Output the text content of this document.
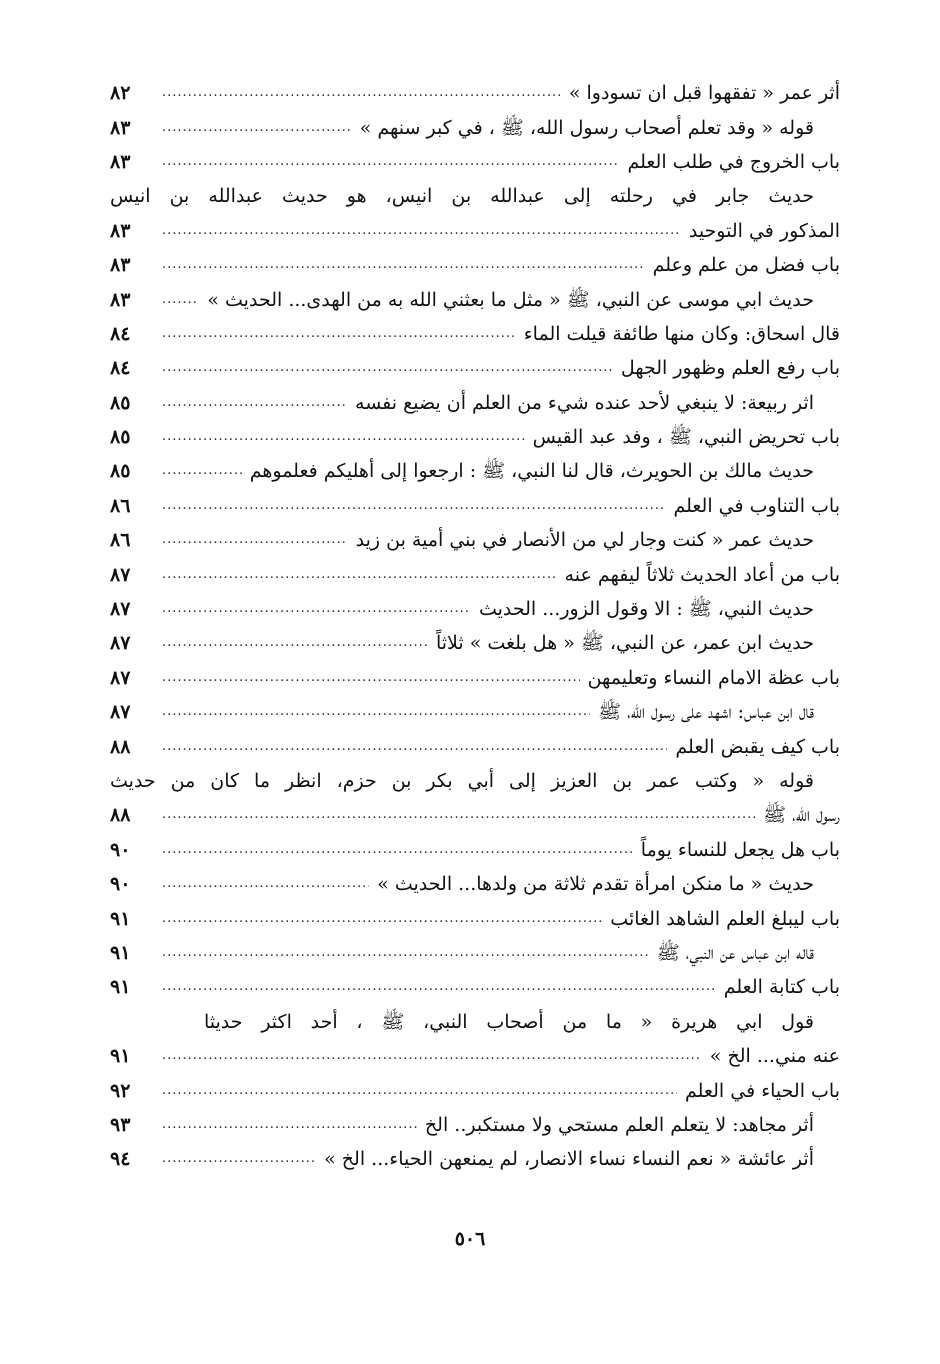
أثر عمر « تفقهوا قبل ان تسودوا »
.....
٨٢
قوله « وقد تعلم أصحاب رسول الله، ﷺ ، في كبر سنهم »
.....
٨٣
باب الخروج في طلب العلم
.....
٨٣
حديث جابر في رحلته إلى عبدالله بن انيس، هو حديث عبدالله بن انيس
المذكور في التوحيد
.....
٨٣
باب فضل من علم وعلم
.....
٨٣
حديث ابي موسى عن النبي، ﷺ « مثل ما بعثني الله به من الهدى... الحديث »
.....
٨٣
قال اسحاق: وكان منها طائفة قيلت الماء
.....
٨٤
باب رفع العلم وظهور الجهل
.....
٨٤
اثر ربيعة: لا ينبغي لأحد عنده شيء من العلم أن يضيع نفسه
.....
٨٥
باب تحريض النبي، ﷺ ، وفد عبد القيس
.....
٨٥
حديث مالك بن الحويرث، قال لنا النبي، ﷺ : ارجعوا إلى أهليكم فعلموهم
.....
٨٥
باب التناوب في العلم
.....
٨٦
حديث عمر « كنت وجار لي من الأنصار في بني أمية بن زيد
.....
٨٦
باب من أعاد الحديث ثلاثاً ليفهم عنه
.....
٨٧
حديث النبي، ﷺ : الا وقول الزور... الحديث
.....
٨٧
حديث ابن عمر، عن النبي، ﷺ « هل بلغت » ثلاثاً
.....
٨٧
باب عظة الامام النساء وتعليمهن
.....
٨٧
قال ابن عباس: اشهد على رسول الله، ﷺ
.....
٨٧
باب كيف يقبض العلم
.....
٨٨
قوله « وكتب عمر بن العزيز إلى أبي بكر بن حزم، انظر ما كان من حديث
رسول الله، ﷺ
.....
٨٨
باب هل يجعل للنساء يوماً
.....
٩٠
حديث « ما منكن امرأة تقدم ثلاثة من ولدها... الحديث »
.....
٩٠
باب ليبلغ العلم الشاهد الغائب
.....
٩١
قاله ابن عباس عن النبي، ﷺ
.....
٩١
باب كتابة العلم
.....
٩١
قول ابي هريرة « ما من أصحاب النبي، ﷺ ، أحد اكثر حديثا
عنه مني... الخ »
.....
٩١
باب الحياء في العلم
.....
٩٢
أثر مجاهد: لا يتعلم العلم مستحي ولا مستكبر.. الخ
.....
٩٣
أثر عائشة « نعم النساء نساء الانصار، لم يمنعهن الحياء... الخ »
.....
٩٤
٥٠٦
